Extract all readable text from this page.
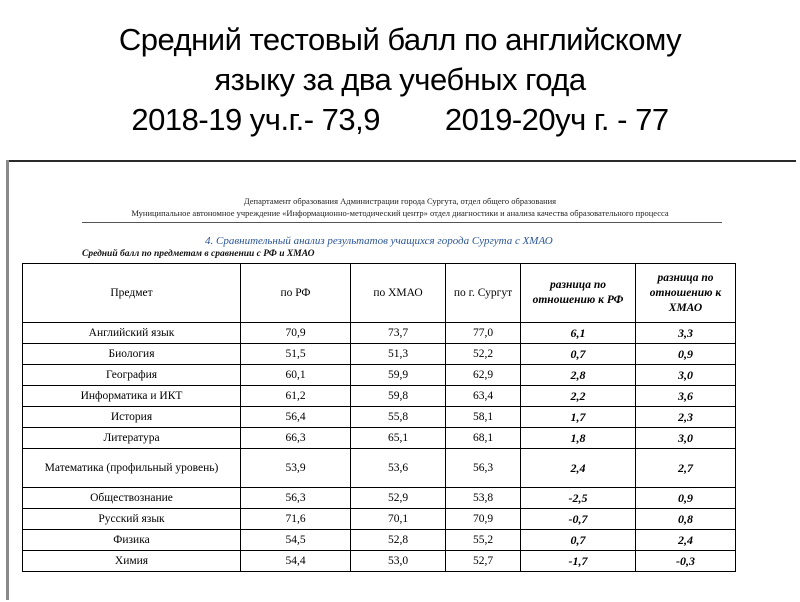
Средний тестовый балл по английскому
языку за два учебных года
2018-19 уч.г.- 73,9        2019-20уч г. - 77
Департамент образования Администрации города Сургута, отдел общего образования
Муниципальное автономное учреждение «Информационно-методический центр» отдел диагностики и анализа качества образовательного процесса
4. Сравнительный анализ результатов учащихся города Сургута с ХМАО
Средний балл по предметам в сравнении с РФ и ХМАО
Предмет	по РФ	по ХМАО	по г. Сургут	разница по отношению к РФ	разница по отношению к ХМАО
Английский язык	70,9	73,7	77,0	6,1	3,3
Биология	51,5	51,3	52,2	0,7	0,9
География	60,1	59,9	62,9	2,8	3,0
Информатика и ИКТ	61,2	59,8	63,4	2,2	3,6
История	56,4	55,8	58,1	1,7	2,3
Литература	66,3	65,1	68,1	1,8	3,0
Математика (профильный уровень)	53,9	53,6	56,3	2,4	2,7
Обществознание	56,3	52,9	53,8	-2,5	0,9
Русский язык	71,6	70,1	70,9	-0,7	0,8
Физика	54,5	52,8	55,2	0,7	2,4
Химия	54,4	53,0	52,7	-1,7	-0,3
